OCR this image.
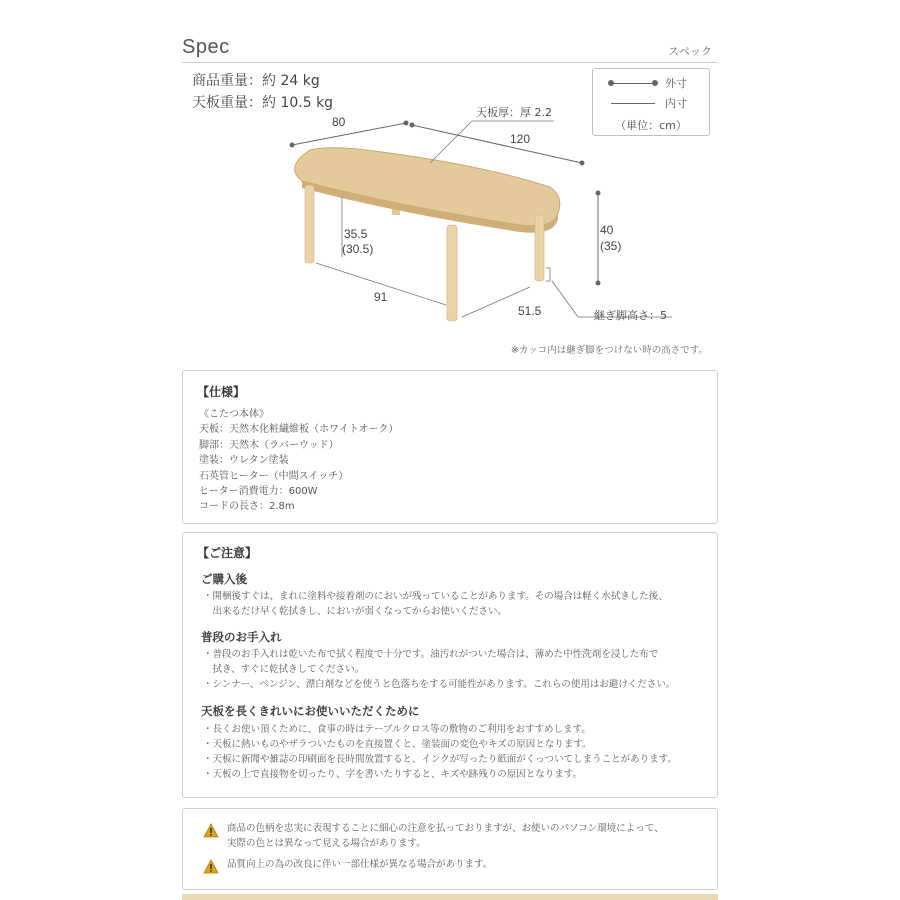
Spec	スペック
商品重量：約 24 kg
天板重量：約 10.5 kg
外寸
内寸
（単位：cm）
80
120
天板厚：厚 2.2
40
(35)
35.5
(30.5)
91
51.5	継ぎ脚高さ：5
※カッコ内は継ぎ脚をつけない時の高さです。
【仕様】
《こたつ本体》
天板：天然木化粧繊維板（ホワイトオーク）
脚部：天然木（ラバーウッド）
塗装：ウレタン塗装
石英管ヒーター（中間スイッチ）
ヒーター消費電力：600W
コードの長さ：2.8m
【ご注意】
ご購入後
・開梱後すぐは、まれに塗料や接着剤のにおいが残っていることがあります。その場合は軽く水拭きした後、
　出来るだけ早く乾拭きし、においが弱くなってからお使いください。
普段のお手入れ
・普段のお手入れは乾いた布で拭く程度で十分です。油汚れがついた場合は、薄めた中性洗剤を浸した布で
　拭き、すぐに乾拭きしてください。
・シンナー、ベンジン、漂白剤などを使うと色落ちをする可能性があります。これらの使用はお避けください。
天板を長くきれいにお使いいただくために
・長くお使い頂くために、食事の時はテーブルクロス等の敷物のご利用をおすすめします。
・天板に熱いものやザラついたものを直接置くと、塗装面の変色やキズの原因となります。
・天板に新聞や雑誌の印刷面を長時間放置すると、インクが写ったり紙面がくっついてしまうことがあります。
・天板の上で直接物を切ったり、字を書いたりすると、キズや跡残りの原因となります。
商品の色柄を忠実に表現することに細心の注意を払っておりますが、お使いのパソコン環境によって、
実際の色とは異なって見える場合があります。
品質向上の為の改良に伴い一部仕様が異なる場合があります。
